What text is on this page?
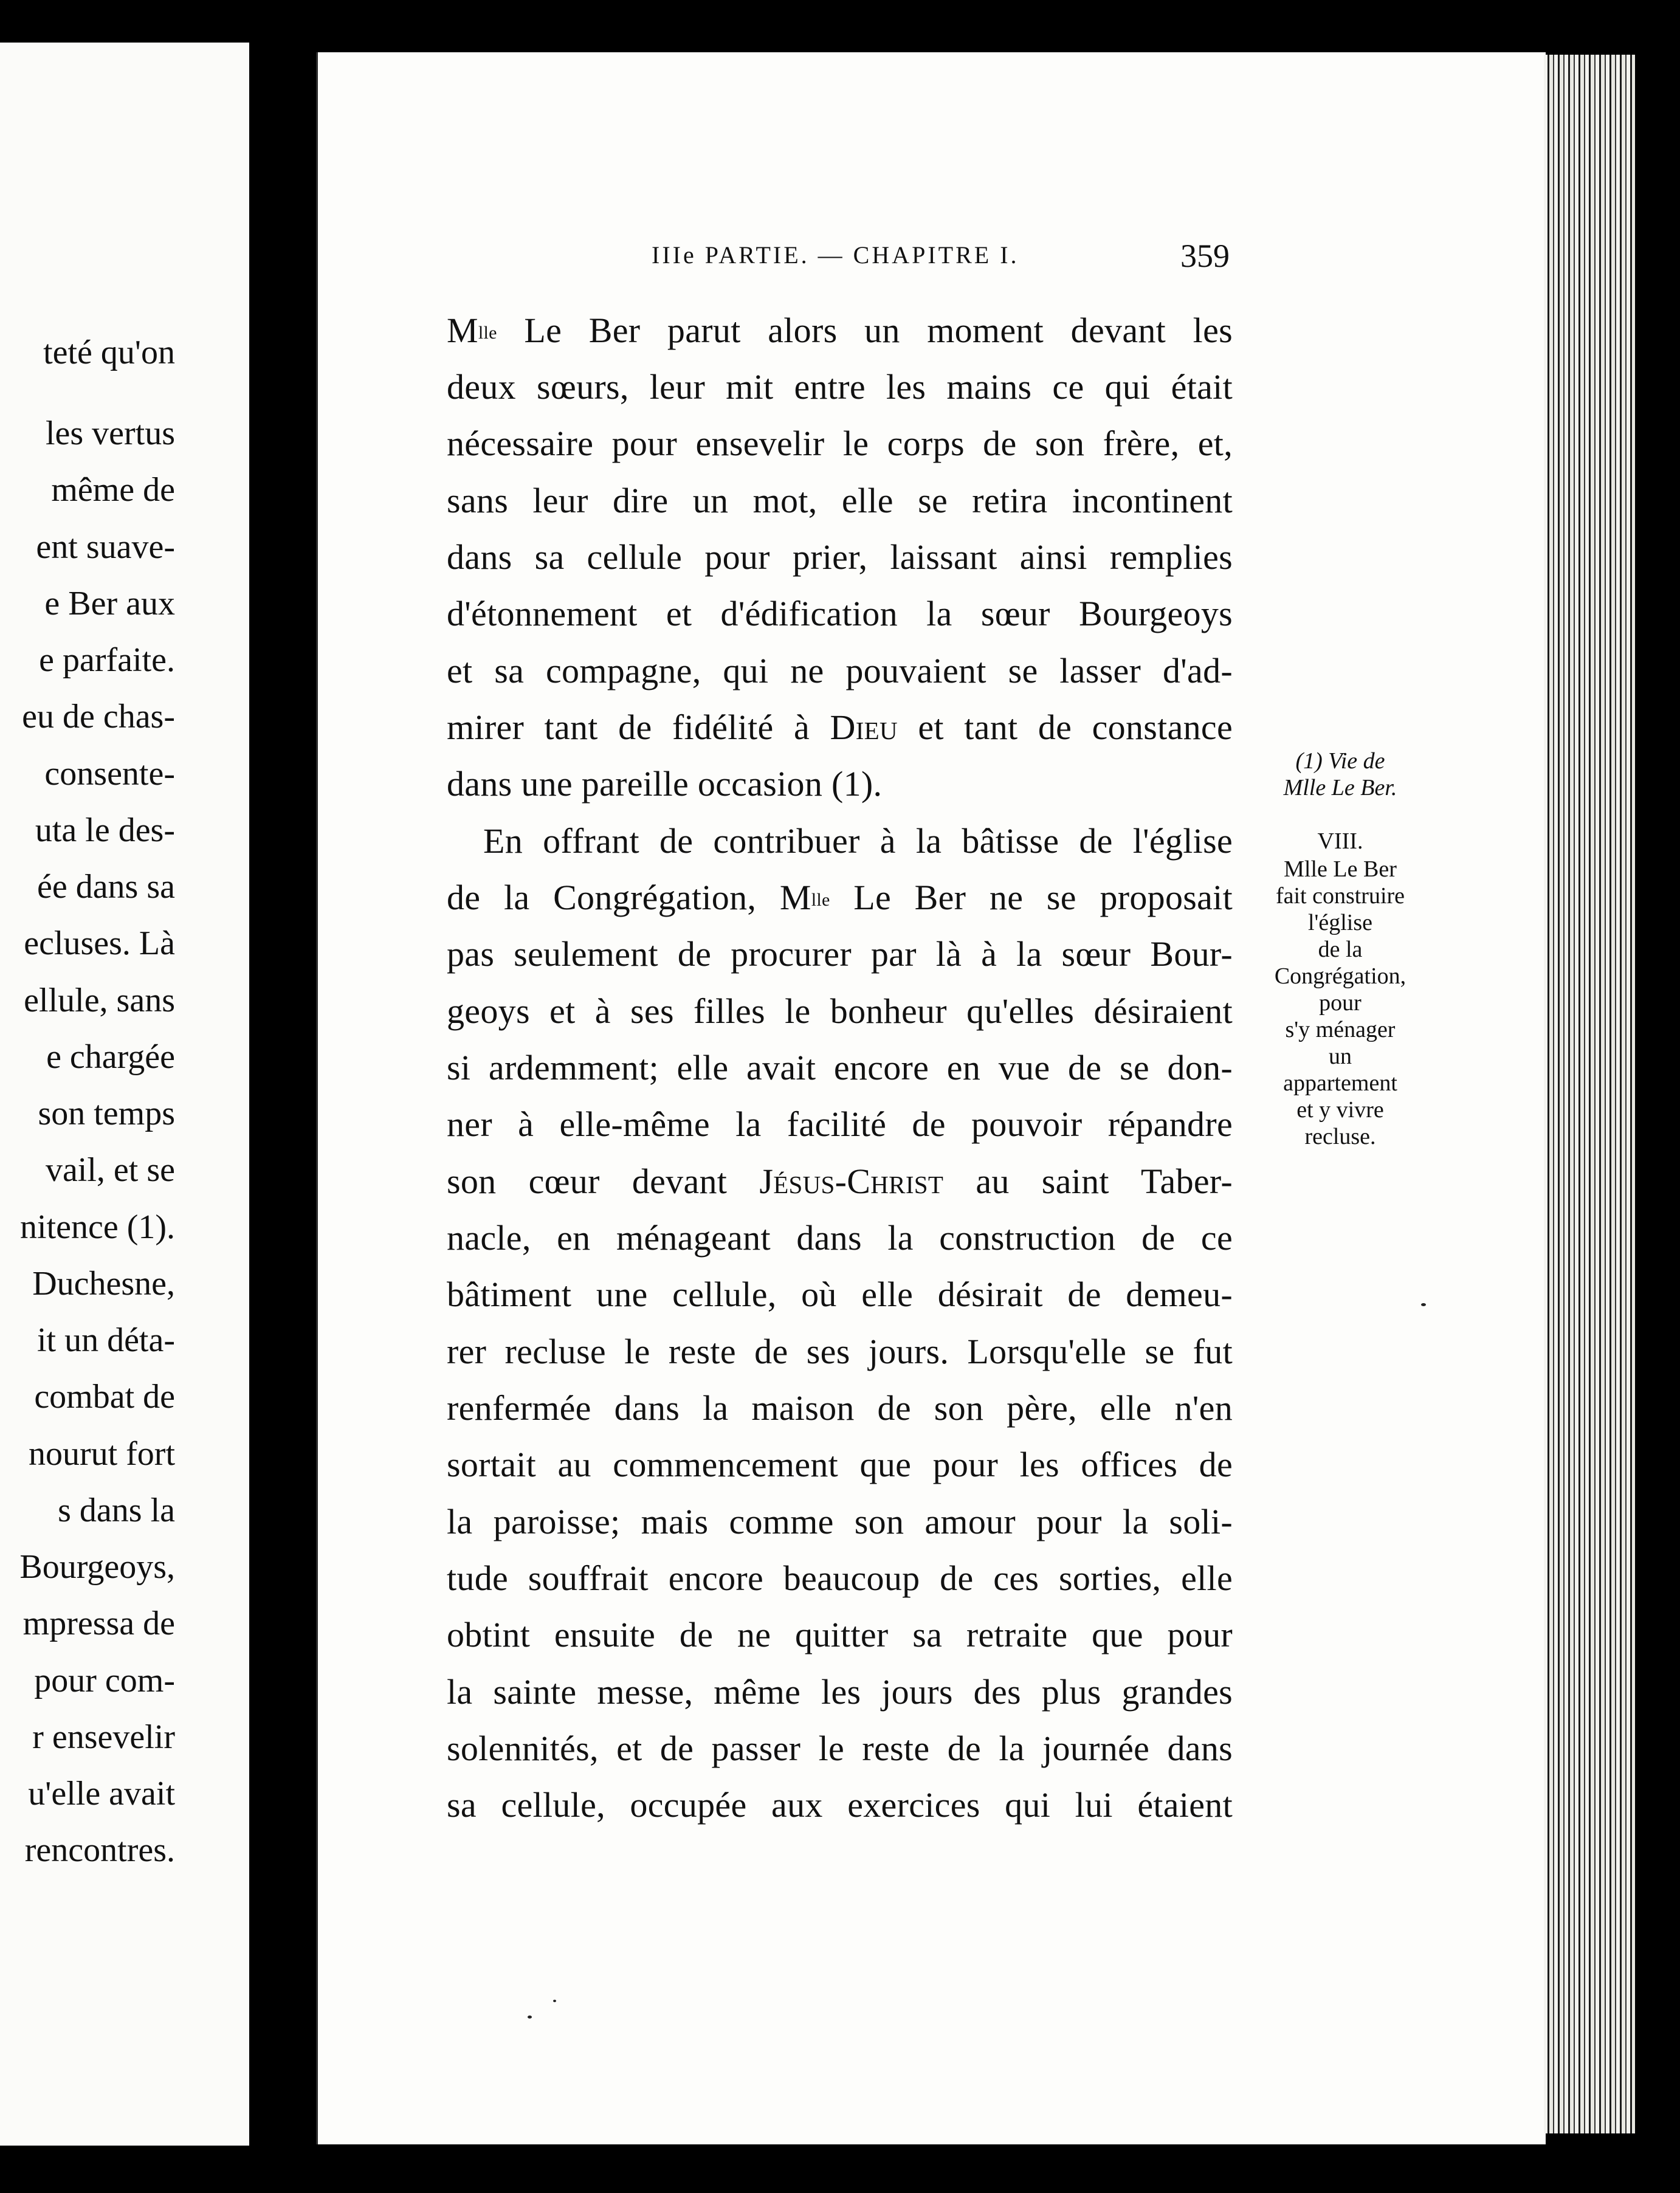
teté qu'on
les vertus
même de
ent suave-
e Ber aux
e parfaite.
eu de chas-
consente-
uta le des-
ée dans sa
ecluses. Là
ellule, sans
e chargée
son temps
vail, et se
nitence (1).
Duchesne,
it un déta-
combat de
nourut fort
s dans la
Bourgeoys,
mpressa de
pour com-
r ensevelir
u'elle avait
rencontres.
IIIe PARTIE. — CHAPITRE I.	359
$M^{lle}$ Le Ber parut alors un moment devant les
deux sœurs, leur mit entre les mains ce qui était
nécessaire pour ensevelir le corps de son frère, et,
sans leur dire un mot, elle se retira incontinent
dans sa cellule pour prier, laissant ainsi remplies
d'étonnement et d'édification la sœur Bourgeoys
et sa compagne, qui ne pouvaient se lasser d'ad-
mirer tant de fidélité à Dieu et tant de constance
dans une pareille occasion (1).
En offrant de contribuer à la bâtisse de l'église
de la Congrégation, $M^{lle}$ Le Ber ne se proposait
pas seulement de procurer par là à la sœur Bour-
geoys et à ses filles le bonheur qu'elles désiraient
si ardemment; elle avait encore en vue de se don-
ner à elle-même la facilité de pouvoir répandre
son cœur devant Jésus-Christ au saint Taber-
nacle, en ménageant dans la construction de ce
bâtiment une cellule, où elle désirait de demeu-
rer recluse le reste de ses jours. Lorsqu'elle se fut
renfermée dans la maison de son père, elle n'en
sortait au commencement que pour les offices de
la paroisse; mais comme son amour pour la soli-
tude souffrait encore beaucoup de ces sorties, elle
obtint ensuite de ne quitter sa retraite que pour
la sainte messe, même les jours des plus grandes
solennités, et de passer le reste de la journée dans
sa cellule, occupée aux exercices qui lui étaient
(1) Vie de
Mlle Le Ber.
VIII.
Mlle Le Ber
fait construire
l'église
de la
Congrégation,
pour
s'y ménager
un
appartement
et y vivre
recluse.
